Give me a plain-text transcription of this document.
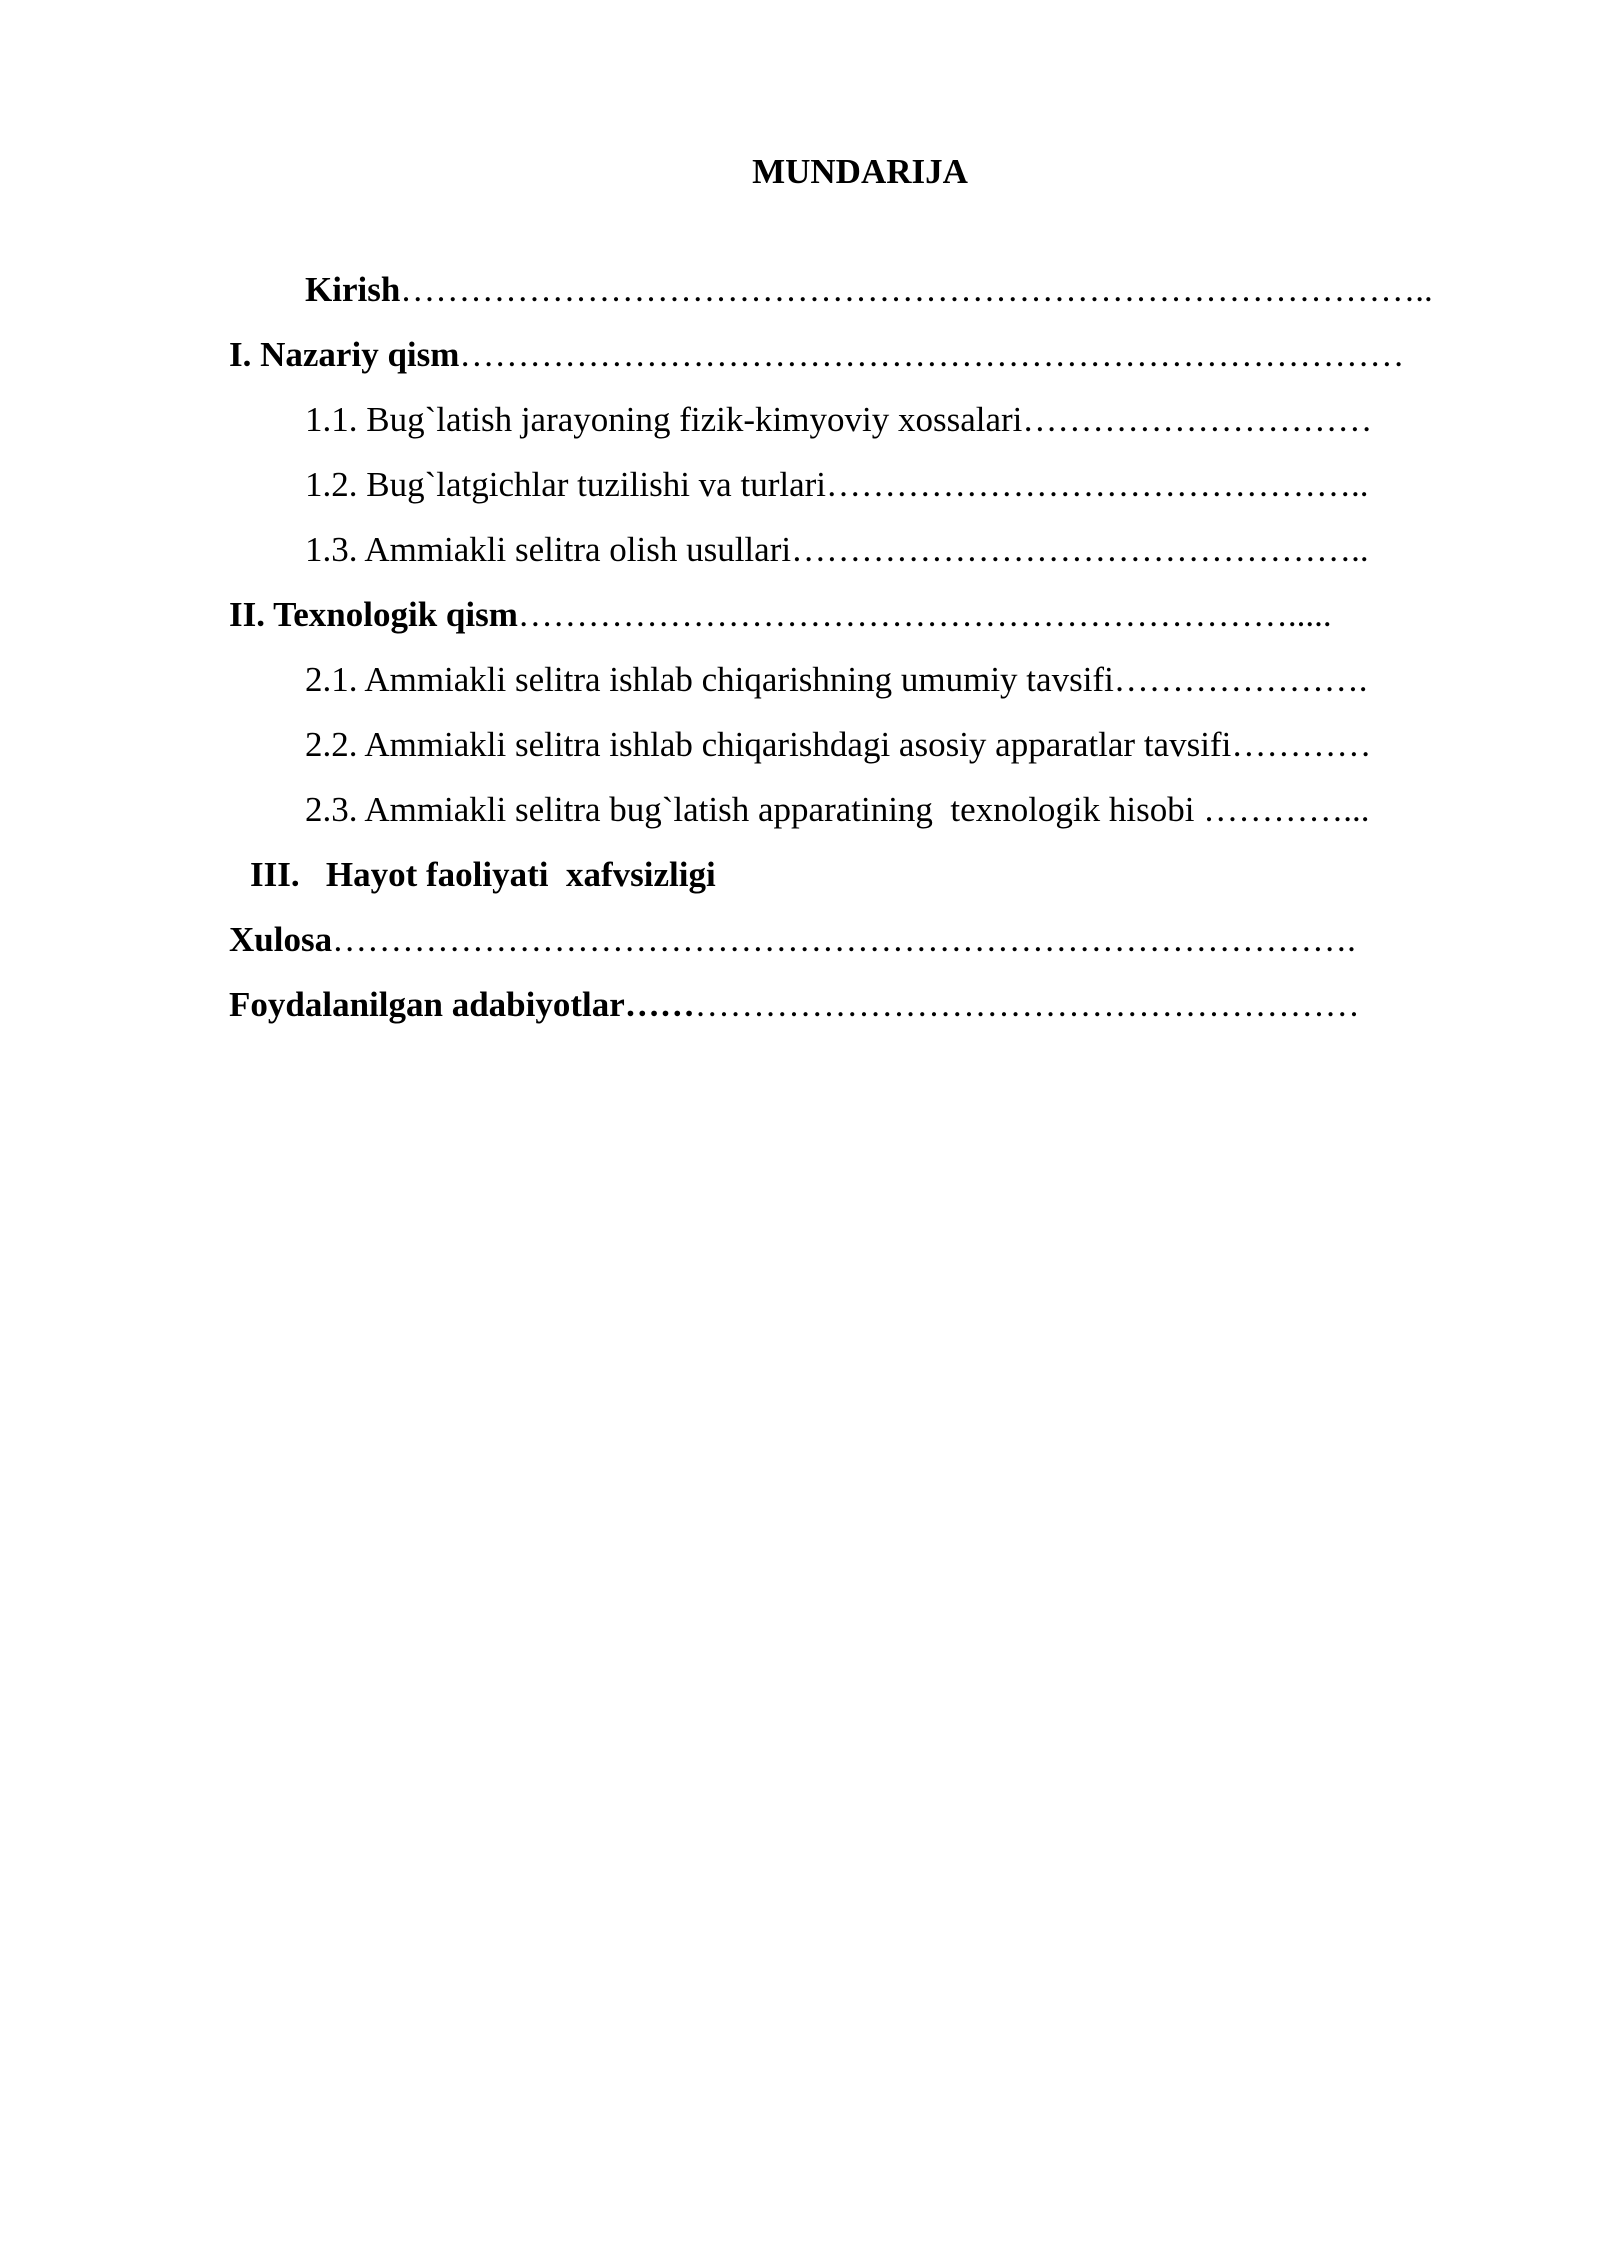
MUNDARIJA
Kirish……………………………………………………………………………..
I. Nazariy qism………………………………………………………………………
1.1. Bug`latish jarayoning fizik-kimyoviy xossalari…………………………
1.2. Bug`latgichlar tuzilishi va turlari………………………………………..
1.3. Ammiakli selitra olish usullari…………………………………………..
II. Texnologik qism………………………………………………………….....
2.1. Ammiakli selitra ishlab chiqarishning umumiy tavsifi………………….
2.2. Ammiakli selitra ishlab chiqarishdagi asosiy apparatlar tavsifi…………
2.3. Ammiakli selitra bug`latish apparatining  texnologik hisobi …………...
III.   Hayot faoliyati  xafvsizligi
Xulosa…………………………………………………………………………….
Foydalanilgan adabiyotlar………………………………………………………
